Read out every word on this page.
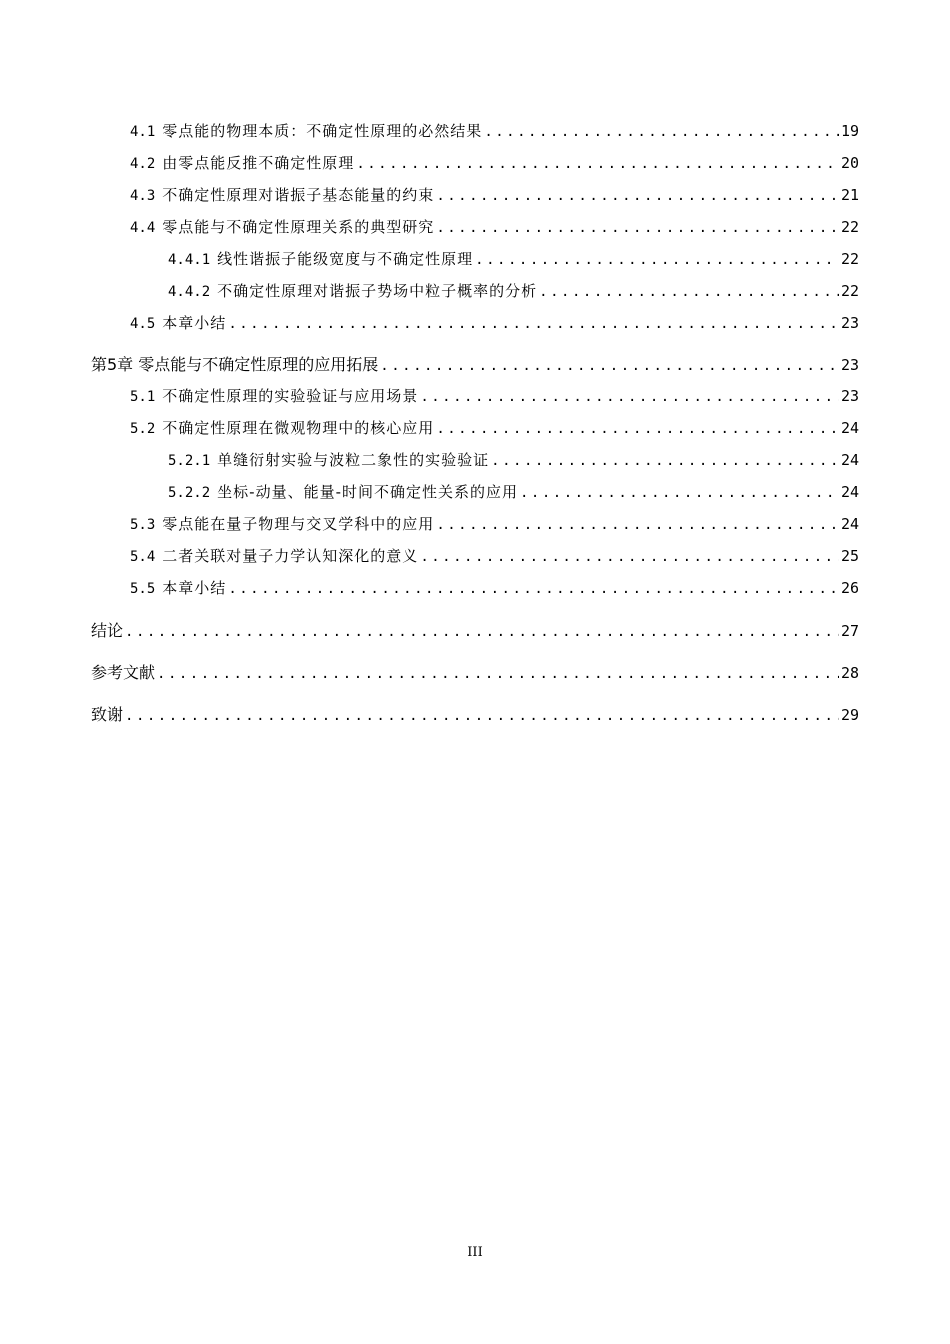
4.1 零点能的物理本质：不确定性原理的必然结果 .....	19
4.2 由零点能反推不确定性原理 .....	20
4.3 不确定性原理对谐振子基态能量的约束 .....	21
4.4 零点能与不确定性原理关系的典型研究 .....	22
4.4.1 线性谐振子能级宽度与不确定性原理 .....	22
4.4.2 不确定性原理对谐振子势场中粒子概率的分析 .....	22
4.5 本章小结 .....	23
第5章 零点能与不确定性原理的应用拓展 .....	23
5.1 不确定性原理的实验验证与应用场景 .....	23
5.2 不确定性原理在微观物理中的核心应用 .....	24
5.2.1 单缝衍射实验与波粒二象性的实验验证 .....	24
5.2.2 坐标-动量、能量-时间不确定性关系的应用 .....	24
5.3 零点能在量子物理与交叉学科中的应用 .....	24
5.4 二者关联对量子力学认知深化的意义 .....	25
5.5 本章小结 .....	26
结论 .....	27
参考文献 .....	28
致谢 .....	29
III
